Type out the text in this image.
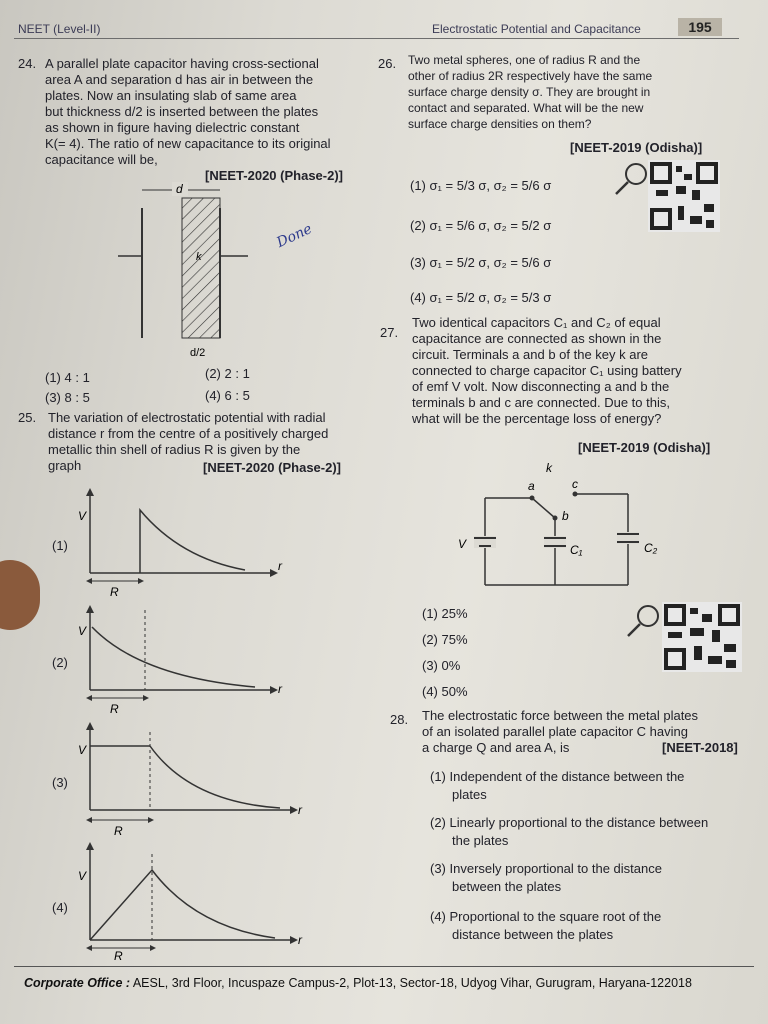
NEET (Level-II)	Electrostatic Potential and Capacitance	195
24. A parallel plate capacitor having cross-sectional
area A and separation d has air in between the
plates. Now an insulating slab of same area
but thickness d/2 is inserted between the plates
as shown in figure having dielectric constant
K(= 4). The ratio of new capacitance to its original
capacitance will be,
[NEET-2020 (Phase-2)]
d
k
d/2
Done
(1) 4 : 1	(2) 2 : 1
(3) 8 : 5	(4) 6 : 5
25. The variation of electrostatic potential with radial
distance r from the centre of a positively charged
metallic thin shell of radius R is given by the
graph	[NEET-2020 (Phase-2)]
(1)
V
r
R
(2)
V
r
R
(3)
V
r
R
(4)
V
r
R
26. Two metal spheres, one of radius R and the
other of radius 2R respectively have the same
surface charge density σ. They are brought in
contact and separated. What will be the new
surface charge densities on them?
[NEET-2019 (Odisha)]
(1) σ₁ = 5/3 σ, σ₂ = 5/6 σ
(2) σ₁ = 5/6 σ, σ₂ = 5/2 σ
(3) σ₁ = 5/2 σ, σ₂ = 5/6 σ
(4) σ₁ = 5/2 σ, σ₂ = 5/3 σ
27.
Two identical capacitors C₁ and C₂ of equal
capacitance are connected as shown in the
circuit. Terminals a and b of the key k are
connected to charge capacitor C₁ using battery
of emf V volt. Now disconnecting a and b the
terminals b and c are connected. Due to this,
what will be the percentage loss of energy?
[NEET-2019 (Odisha)]
k
a
b
c
V	C₁	C₂
(1) 25%
(2) 75%
(3) 0%
(4) 50%
28. The electrostatic force between the metal plates
of an isolated parallel plate capacitor C having
a charge Q and area A, is	[NEET-2018]
(1) Independent of the distance between the
plates
(2) Linearly proportional to the distance between
the plates
(3) Inversely proportional to the distance
between the plates
(4) Proportional to the square root of the
distance between the plates
Corporate Office : AESL, 3rd Floor, Incuspaze Campus-2, Plot-13, Sector-18, Udyog Vihar, Gurugram, Haryana-122018
